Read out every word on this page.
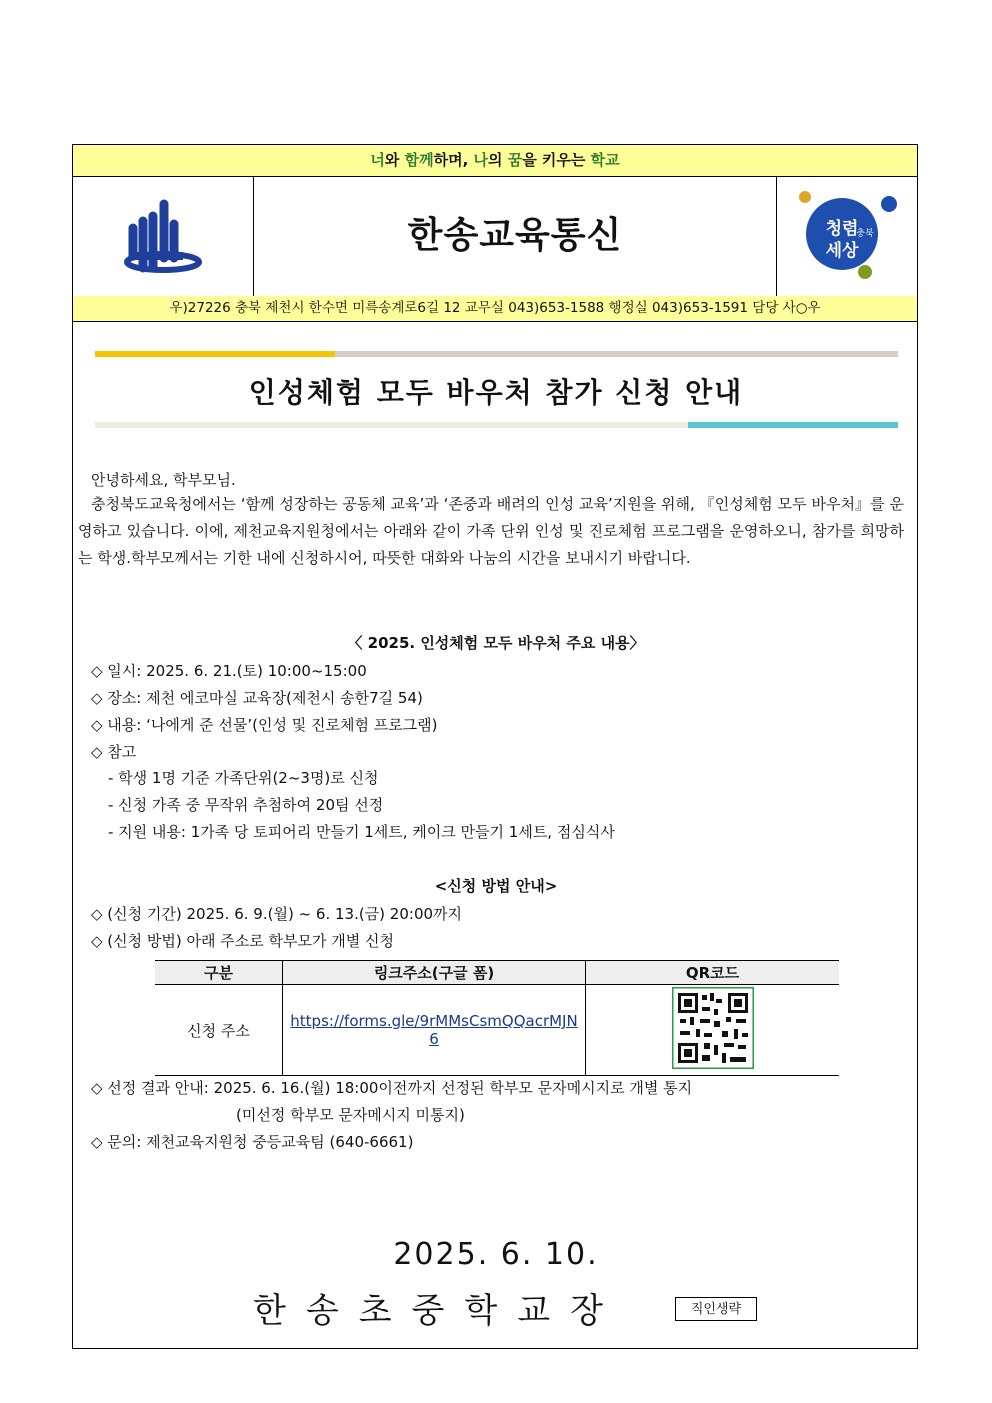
너와 함께하며, 나의 꿈을 키우는 학교
한송교육통신	청렴
충북
세상
우)27226 충북 제천시 한수면 미륵송계로6길 12 교무실 043)653-1588 행정실 043)653-1591 담당 사○우
인성체험 모두 바우처 참가 신청 안내
안녕하세요, 학부모님.
충청북도교육청에서는 ‘함께 성장하는 공동체 교육’과 ‘존중과 배려의 인성 교육’지원을 위해, 『인성체험 모두 바우처』를 운영하고 있습니다. 이에, 제천교육지원청에서는 아래와 같이 가족 단위 인성 및 진로체험 프로그램을 운영하오니, 참가를 희망하는 학생.학부모께서는 기한 내에 신청하시어, 따뜻한 대화와 나눔의 시간을 보내시기 바랍니다.
〈 2025. 인성체험 모두 바우처 주요 내용〉
◇ 일시: 2025. 6. 21.(토) 10:00~15:00
◇ 장소: 제천 에코마실 교육장(제천시 송한7길 54)
◇ 내용: ‘나에게 준 선물’(인성 및 진로체험 프로그램)
◇ 참고
- 학생 1명 기준 가족단위(2~3명)로 신청
- 신청 가족 중 무작위 추첨하여 20팀 선정
- 지원 내용: 1가족 당 토피어리 만들기 1세트, 케이크 만들기 1세트, 점심식사
<신청 방법 안내>
◇ (신청 기간) 2025. 6. 9.(월) ~ 6. 13.(금) 20:00까지
◇ (신청 방법) 아래 주소로 학부모가 개별 신청
구분	링크주소(구글 폼)	QR코드
신청 주소	https://forms.gle/9rMMsCsmQQacrMJN6	
◇ 선정 결과 안내: 2025. 6. 16.(월) 18:00이전까지 선정된 학부모 문자메시지로 개별 통지
(미선정 학부모 문자메시지 미통지)
◇ 문의: 제천교육지원청 중등교육팀 (640-6661)
2025. 6. 10.
한송초중학교장	직인생략
